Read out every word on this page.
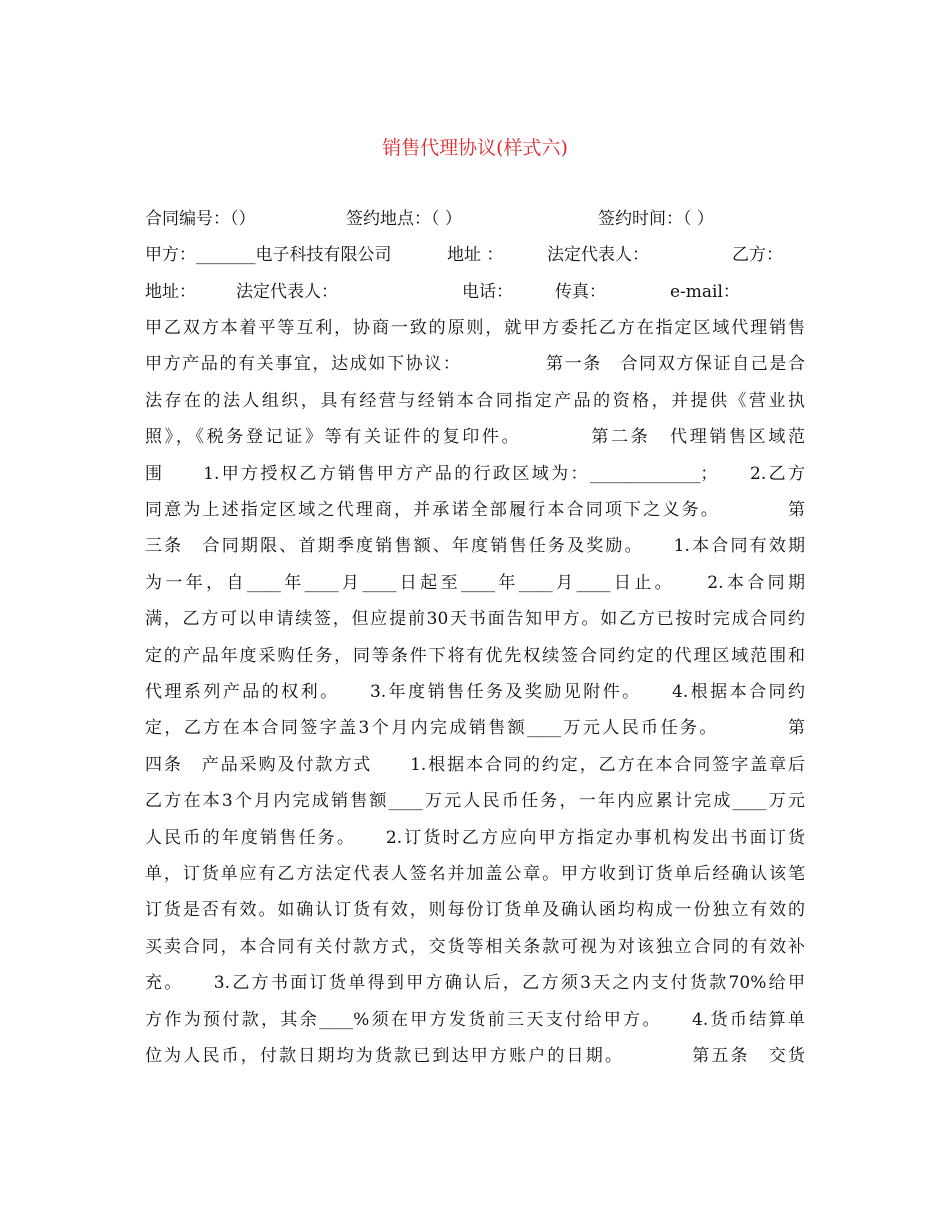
销售代理协议(样式六)
合同编号：（）	签约地点：（ ）	签约时间：（ ）
甲方：_______电子科技有限公司	地址 ：	法定代表人：	乙方：
地址： 法定代表人：	电话： 传真：	e-mail：
甲乙双方本着平等互利，协商一致的原则，就甲方委托乙方在指定区域代理销售
甲方产品的有关事宜，达成如下协议：　　　　　第一条　合同双方保证自己是合
法存在的法人组织，具有经营与经销本合同指定产品的资格，并提供《营业执
照》，《税务登记证》等有关证件的复印件。　　　　第二条　代理销售区域范
围　　1.甲方授权乙方销售甲方产品的行政区域为：_____________；　　2.乙方
同意为上述指定区域之代理商，并承诺全部履行本合同项下之义务。　　　　第
三条　合同期限、首期季度销售额、年度销售任务及奖励。　　1.本合同有效期
为一年，自____年____月____日起至____年____月____日止。　　2.本合同期
满，乙方可以申请续签，但应提前30天书面告知甲方。如乙方已按时完成合同约
定的产品年度采购任务，同等条件下将有优先权续签合同约定的代理区域范围和
代理系列产品的权利。　　3.年度销售任务及奖励见附件。　　4.根据本合同约
定，乙方在本合同签字盖3个月内完成销售额____万元人民币任务。　　　　第
四条　产品采购及付款方式　　1.根据本合同的约定，乙方在本合同签字盖章后
乙方在本3个月内完成销售额____万元人民币任务，一年内应累计完成____万元
人民币的年度销售任务。　　2.订货时乙方应向甲方指定办事机构发出书面订货
单，订货单应有乙方法定代表人签名并加盖公章。甲方收到订货单后经确认该笔
订货是否有效。如确认订货有效，则每份订货单及确认函均构成一份独立有效的
买卖合同，本合同有关付款方式，交货等相关条款可视为对该独立合同的有效补
充。　　3.乙方书面订货单得到甲方确认后，乙方须3天之内支付货款70%给甲
方作为预付款，其余____%须在甲方发货前三天支付给甲方。　　4.货币结算单
位为人民币，付款日期均为货款已到达甲方账户的日期。　　　　第五条　交货
